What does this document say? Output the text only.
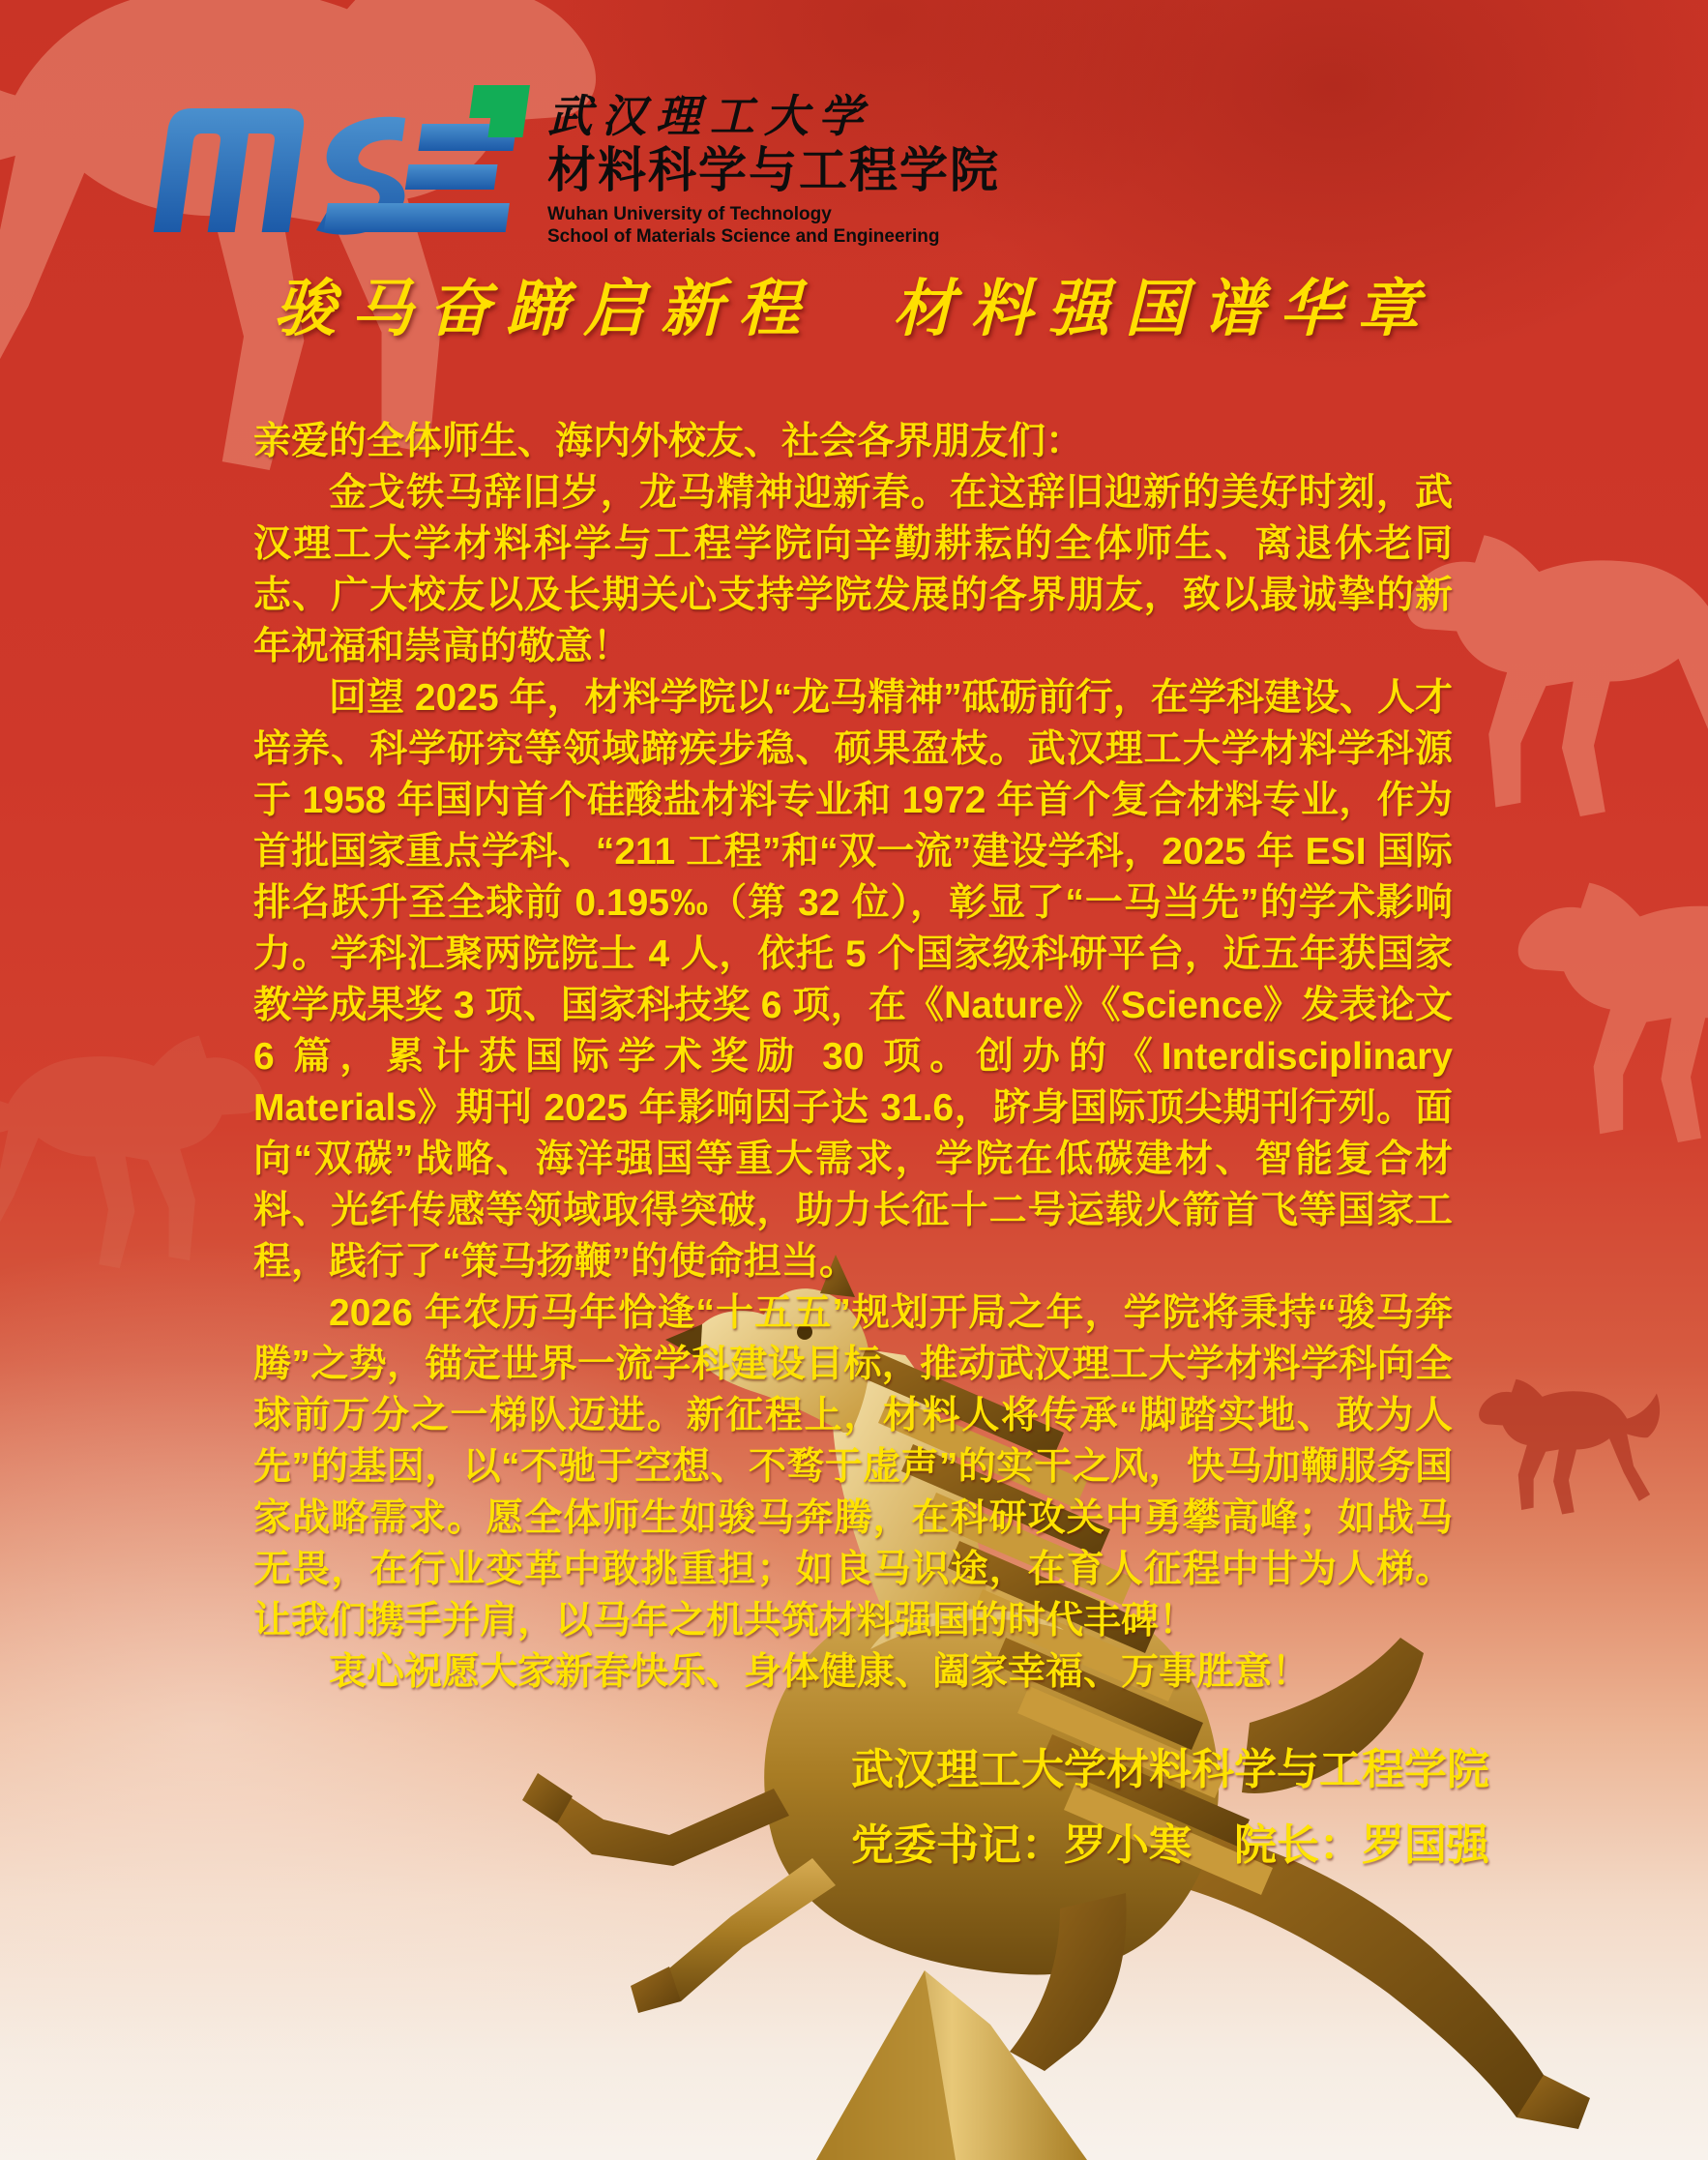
武汉理工大学
材料科学与工程学院
Wuhan University of Technology
School of Materials Science and Engineering
骏马奋蹄启新程　材料强国谱华章

亲爱的全体师生、海内外校友、社会各界朋友们：

金戈铁马辞旧岁，龙马精神迎新春。在这辞旧迎新的美好时刻，武汉理工大学材料科学与工程学院向辛勤耕耘的全体师生、离退休老同志、广大校友以及长期关心支持学院发展的各界朋友，致以最诚挚的新年祝福和崇高的敬意！

回望 2025 年，材料学院以“龙马精神”砥砺前行，在学科建设、人才培养、科学研究等领域蹄疾步稳、硕果盈枝。武汉理工大学材料学科源于 1958 年国内首个硅酸盐材料专业和 1972 年首个复合材料专业，作为首批国家重点学科、“211 工程”和“双一流”建设学科，2025 年 ESI 国际排名跃升至全球前 0.195‰（第 32 位），彰显了“一马当先”的学术影响力。学科汇聚两院院士 4 人，依托 5 个国家级科研平台，近五年获国家教学成果奖 3 项、国家科技奖 6 项，在《Nature》《Science》发表论文 6 篇，累计获国际学术奖励 30 项。创办的《Interdisciplinary Materials》期刊 2025 年影响因子达 31.6，跻身国际顶尖期刊行列。面向“双碳”战略、海洋强国等重大需求，学院在低碳建材、智能复合材料、光纤传感等领域取得突破，助力长征十二号运载火箭首飞等国家工程，践行了“策马扬鞭”的使命担当。

2026 年农历马年恰逢“十五五”规划开局之年，学院将秉持“骏马奔腾”之势，锚定世界一流学科建设目标，推动武汉理工大学材料学科向全球前万分之一梯队迈进。新征程上，材料人将传承“脚踏实地、敢为人先”的基因，以“不驰于空想、不骛于虚声”的实干之风，快马加鞭服务国家战略需求。愿全体师生如骏马奔腾，在科研攻关中勇攀高峰；如战马无畏，在行业变革中敢挑重担；如良马识途，在育人征程中甘为人梯。让我们携手并肩，以马年之机共筑材料强国的时代丰碑！

衷心祝愿大家新春快乐、身体健康、阖家幸福、万事胜意！

武汉理工大学材料科学与工程学院
党委书记：罗小寒　院长：罗国强
